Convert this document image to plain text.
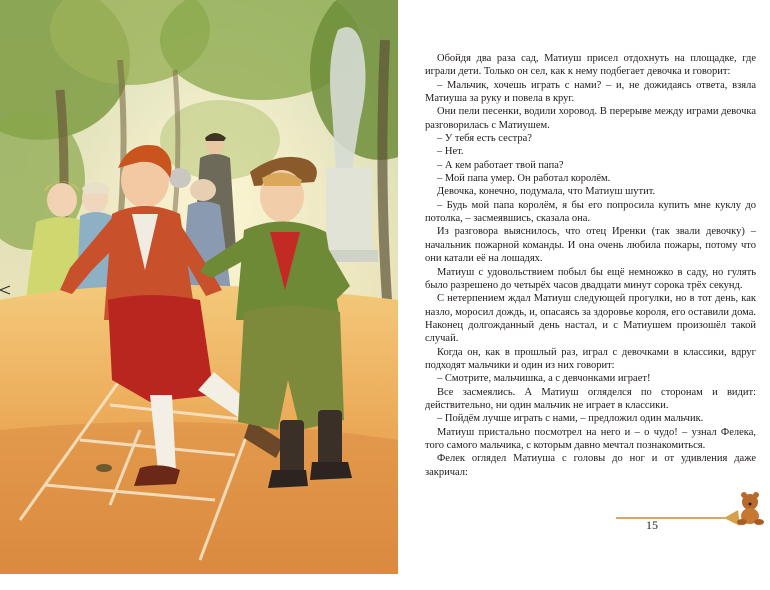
Обойдя два раза сад, Матиуш присел отдохнуть на площадке, где играли дети. Только он сел, как к нему подбегает девочка и говорит:

– Мальчик, хочешь играть с нами? – и, не дожидаясь ответа, взяла Матиуша за руку и повела в круг.

Они пели песенки, водили хоровод. В перерыве между играми девочка разговорилась с Матиушем.

– У тебя есть сестра?

– Нет.

– А кем работает твой папа?

– Мой папа умер. Он работал королём.

Девочка, конечно, подумала, что Матиуш шутит.

– Будь мой папа королём, я бы его попросила купить мне куклу до потолка, – засмеявшись, сказала она.

Из разговора выяснилось, что отец Иренки (так звали девочку) – начальник пожарной команды. И она очень любила пожары, потому что они катали её на лошадях.

Матиуш с удовольствием побыл бы ещё немножко в саду, но гулять было разрешено до четырёх часов двадцати минут сорока трёх секунд.

С нетерпением ждал Матиуш следующей прогулки, но в тот день, как назло, моросил дождь, и, опасаясь за здоровье короля, его оставили дома. Наконец долгожданный день настал, и с Матиушем произошёл такой случай.

Когда он, как в прошлый раз, играл с девочками в классики, вдруг подходят мальчики и один из них говорит:

– Смотрите, мальчишка, а с девчонками играет!

Все засмеялись. А Матиуш огляделся по сторонам и видит: действительно, ни один мальчик не играет в классики.

– Пойдём лучше играть с нами, – предложил один мальчик.

Матиуш пристально посмотрел на него и – о чудо! – узнал Фелека, того самого мальчика, с которым давно мечтал познакомиться.

Фелек оглядел Матиуша с головы до ног и от удивления даже закричал:

15
